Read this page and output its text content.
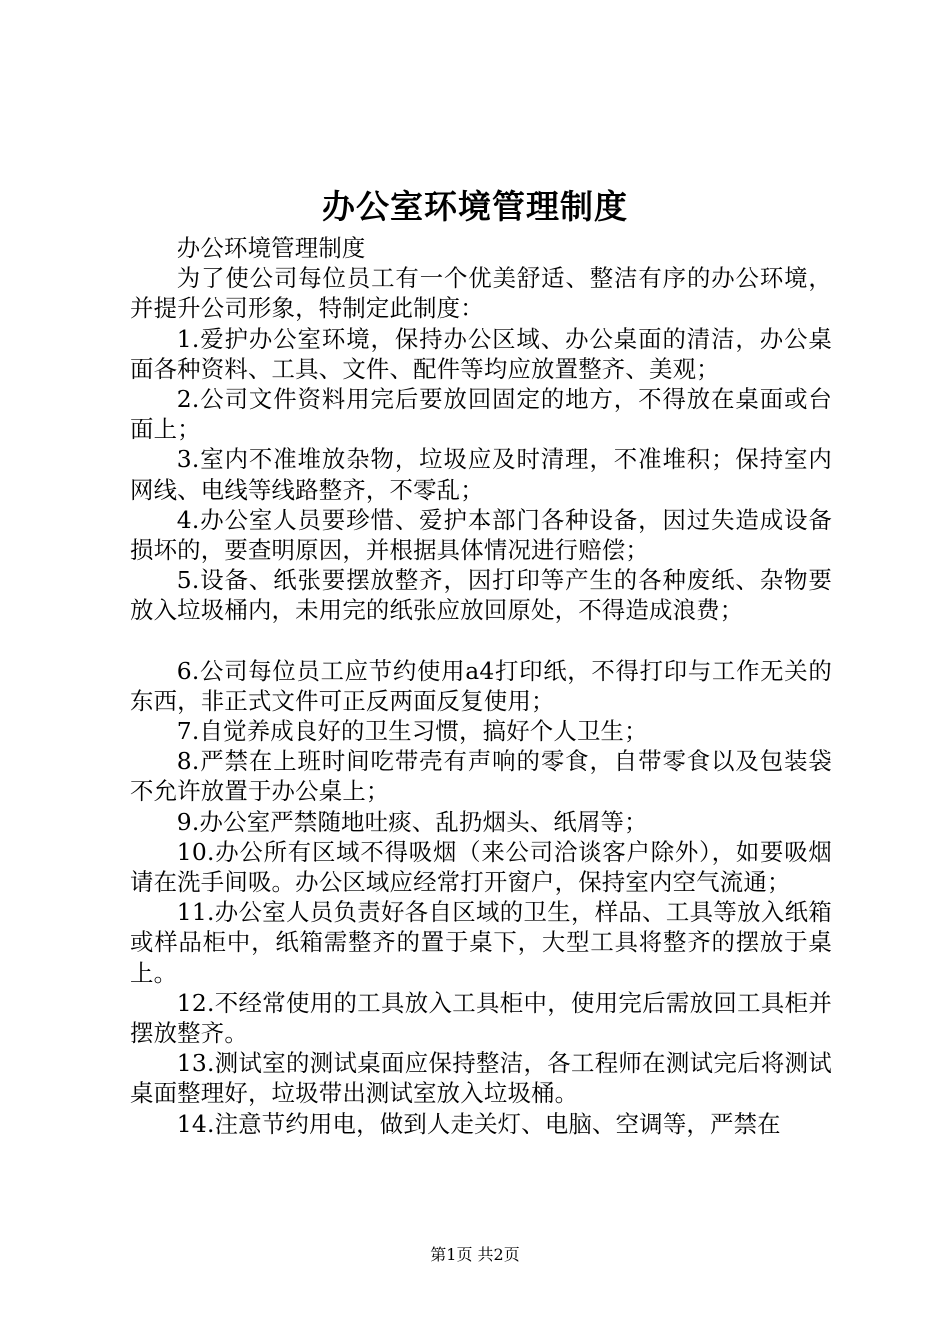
办公室环境管理制度

办公环境管理制度

为了使公司每位员工有一个优美舒适、整洁有序的办公环境，并提升公司形象，特制定此制度：

1.爱护办公室环境，保持办公区域、办公桌面的清洁，办公桌面各种资料、工具、文件、配件等均应放置整齐、美观；

2.公司文件资料用完后要放回固定的地方，不得放在桌面或台面上；

3.室内不准堆放杂物，垃圾应及时清理，不准堆积；保持室内网线、电线等线路整齐，不零乱；

4.办公室人员要珍惜、爱护本部门各种设备，因过失造成设备损坏的，要查明原因，并根据具体情况进行赔偿；

5.设备、纸张要摆放整齐，因打印等产生的各种废纸、杂物要放入垃圾桶内，未用完的纸张应放回原处，不得造成浪费；

6.公司每位员工应节约使用a4打印纸，不得打印与工作无关的东西，非正式文件可正反两面反复使用；

7.自觉养成良好的卫生习惯，搞好个人卫生；

8.严禁在上班时间吃带壳有声响的零食，自带零食以及包装袋不允许放置于办公桌上；

9.办公室严禁随地吐痰、乱扔烟头、纸屑等；

10.办公所有区域不得吸烟（来公司洽谈客户除外），如要吸烟请在洗手间吸。办公区域应经常打开窗户，保持室内空气流通；

11.办公室人员负责好各自区域的卫生，样品、工具等放入纸箱或样品柜中，纸箱需整齐的置于桌下，大型工具将整齐的摆放于桌上。

12.不经常使用的工具放入工具柜中，使用完后需放回工具柜并摆放整齐。

13.测试室的测试桌面应保持整洁，各工程师在测试完后将测试桌面整理好，垃圾带出测试室放入垃圾桶。

14.注意节约用电，做到人走关灯、电脑、空调等，严禁在

第1页 共2页
